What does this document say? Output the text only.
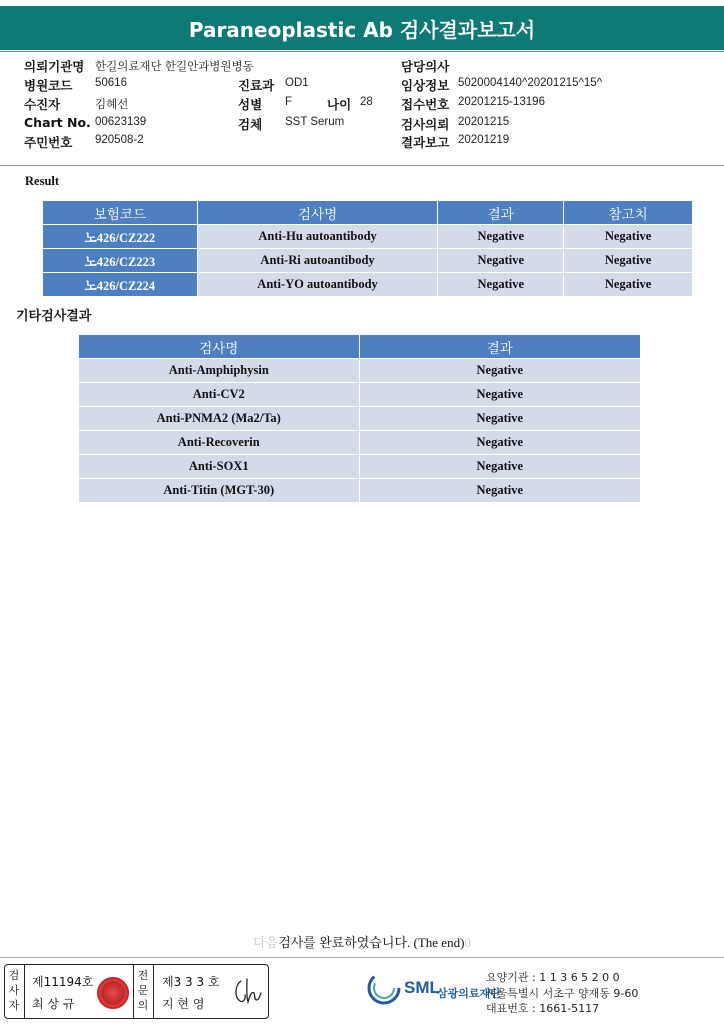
Paraneoplastic Ab 검사결과보고서
의뢰기관명 한길의료재단 한길안과병원병동
병원코드 50616
수진자	김혜선
Chart No. 00623139
주민번호 920508-2
진료과 OD1
성별 F	나이 28
검체 SST Serum
담당의사
임상정보 5020004140^20201215^15^
접수번호 20201215-13196
검사의뢰 20201215
결과보고 20201219
Result
보험코드	검사명	결과	참고치
노426/CZ222	Anti-Hu autoantibody	Negative	Negative
노426/CZ223	Anti-Ri autoantibody	Negative	Negative
노426/CZ224	Anti-YO autoantibody	Negative	Negative
기타검사결과
검사명	결과
Anti-Amphiphysin	Negative
Anti-CV2	Negative
Anti-PNMA2 (Ma2/Ta)	Negative
Anti-Recoverin	Negative
Anti-SOX1	Negative
Anti-Titin (MGT-30)	Negative
다음검사를 완료하였습니다. (The end)0
검
사
자
제11194호
최 상 규
전
문
의
제3 3 3 호
지 현 영
SML
삼광의료재단
요양기관 : 1 1 3 6 5 2 0 0
서울특별시 서초구 양재동 9-60
대표번호 : 1661-5117
